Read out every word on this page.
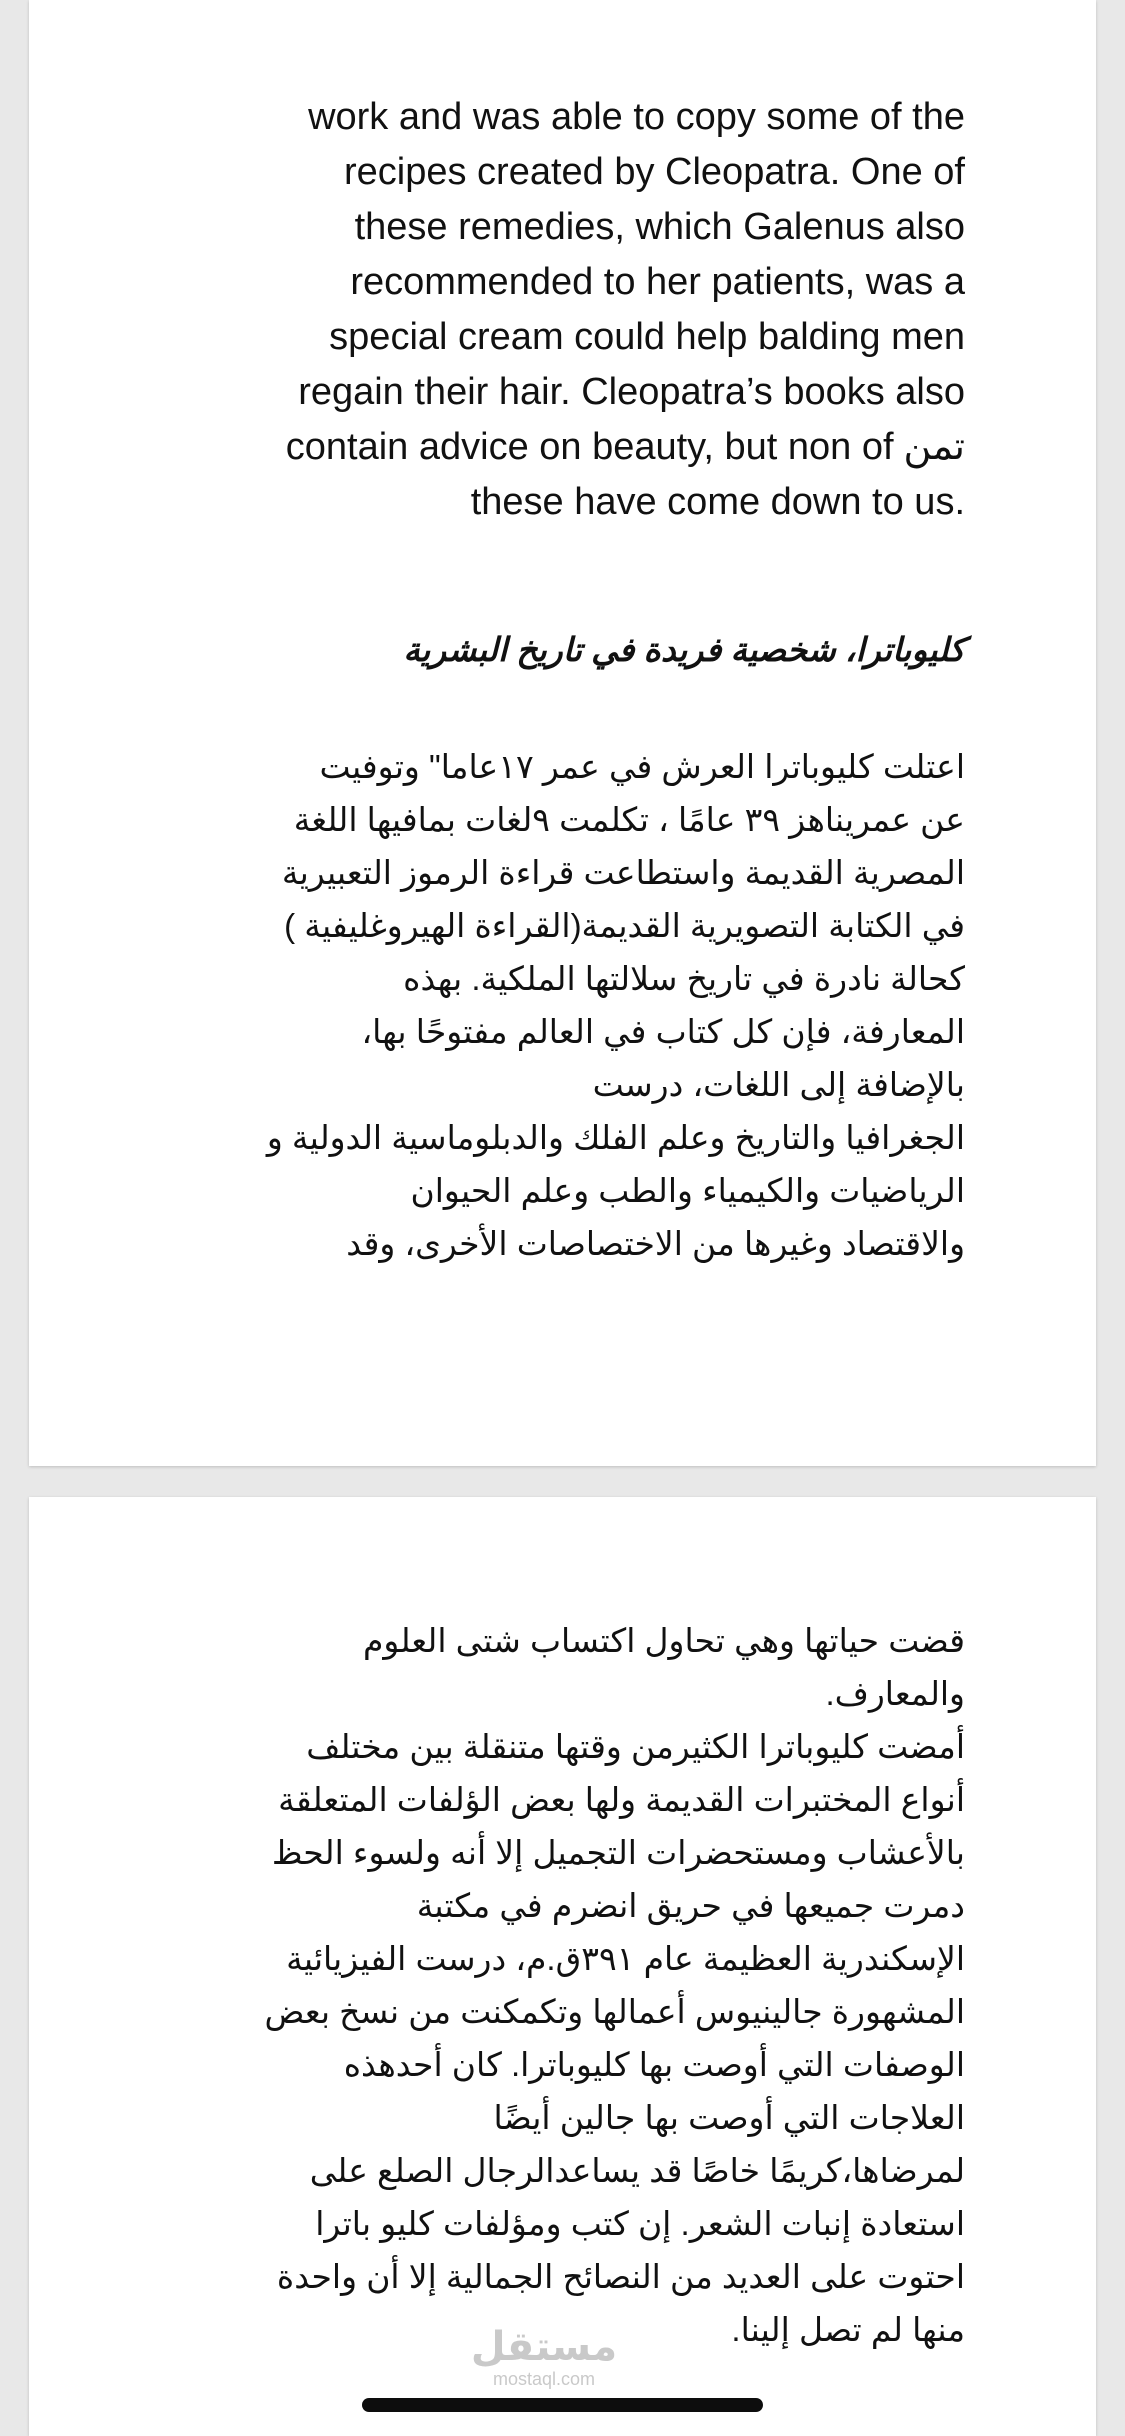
work and was able to copy some of the
recipes created by Cleopatra. One of
these remedies, which Galenus also
recommended to her patients, was a
special cream could help balding men
regain their hair. Cleopatra’s books also
contain advice on beauty, but non of تمن
these have come down to us.
كليوباترا، شخصية فريدة في تاريخ البشرية
اعتلت كليوباترا العرش في عمر ١٧عاما" وتوفيت
عن عمريناهز ٣٩ عامًا ، تكلمت ٩لغات بمافيها اللغة
المصرية القديمة واستطاعت قراءة الرموز التعبيرية
في الكتابة التصويرية القديمة(القراءة الهيروغليفية )
كحالة نادرة في تاريخ سلالتها الملكية. بهذه
المعارفة، فإن كل كتاب في العالم مفتوحًا بها،
بالإضافة إلى اللغات، درست
الجغرافيا والتاريخ وعلم الفلك والدبلوماسية الدولية و
الرياضيات والكيمياء والطب وعلم الحيوان
والاقتصاد وغيرها من الاختصاصات الأخرى، وقد
قضت حياتها وهي تحاول اكتساب شتى العلوم
والمعارف.
أمضت كليوباترا الكثيرمن وقتها متنقلة بين مختلف
أنواع المختبرات القديمة ولها بعض الؤلفات المتعلقة
بالأعشاب ومستحضرات التجميل إلا أنه ولسوء الحظ
دمرت جميعها في حريق انضرم في مكتبة
الإسكندرية العظيمة عام ٣٩١ق.م، درست الفيزيائية
المشهورة جالينيوس أعمالها وتكمكنت من نسخ بعض
الوصفات التي أوصت بها كليوباترا. كان أحدهذه
العلاجات التي أوصت بها جالين أيضًا
لمرضاها،كريمًا خاصًا قد يساعدالرجال الصلع على
استعادة إنبات الشعر. إن كتب ومؤلفات كليو باترا
احتوت على العديد من النصائح الجمالية إلا أن واحدة
منها لم تصل إلينا.
مستقل
mostaql.com
